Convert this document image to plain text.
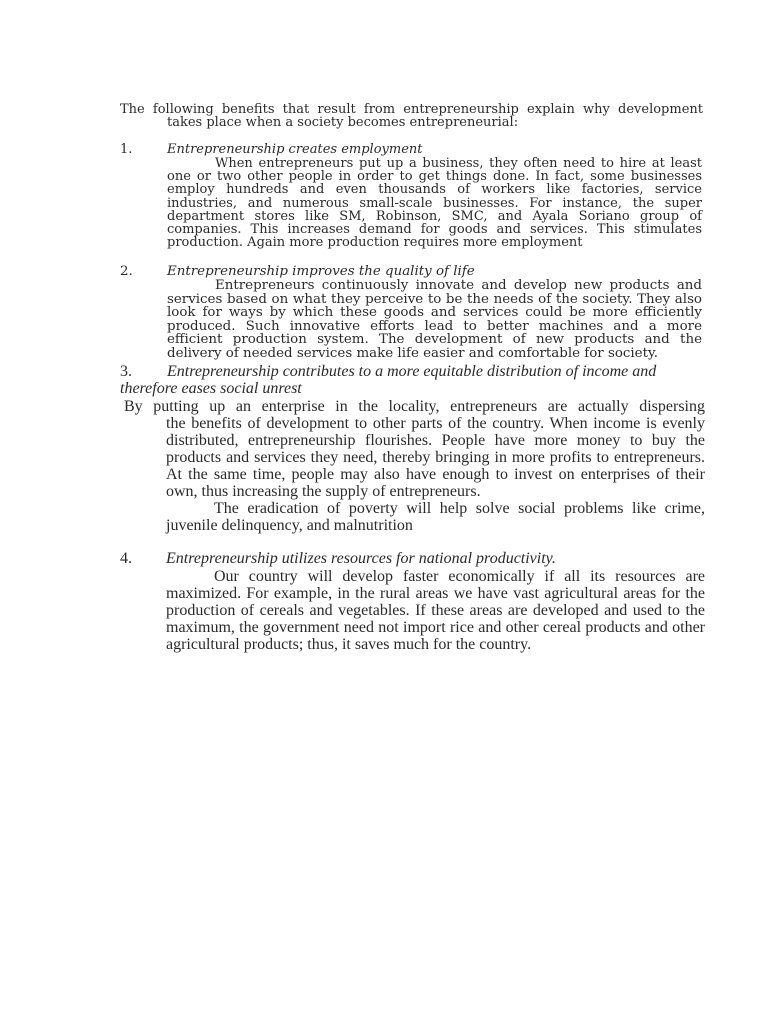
The following benefits that result from entrepreneurship explain why development
takes place when a society becomes entrepreneurial:
1.	Entrepreneurship creates employment

When entrepreneurs put up a business, they often need to hire at least one or two other people in order to get things done. In fact, some businesses employ hundreds and even thousands of workers like factories, service industries, and numerous small-scale businesses. For instance, the super department stores like SM, Robinson, SMC, and Ayala Soriano group of companies. This increases demand for goods and services. This stimulates production. Again more production requires more employment

2.	Entrepreneurship improves the quality of life

Entrepreneurs continuously innovate and develop new products and services based on what they perceive to be the needs of the society. They also look for ways by which these goods and services could be more efficiently produced. Such innovative efforts lead to better machines and a more efficient production system. The development of new products and the delivery of needed services make life easier and comfortable for society.

3. Entrepreneurship contributes to a more equitable distribution of income and
therefore eases social unrest
By putting up an enterprise in the locality, entrepreneurs are actually dispersing
the benefits of development to other parts of the country. When income is evenly distributed, entrepreneurship flourishes. People have more money to buy the products and services they need, thereby bringing in more profits to entrepreneurs. At the same time, people may also have enough to invest on enterprises of their own, thus increasing the supply of entrepreneurs.

The eradication of poverty will help solve social problems like crime, juvenile delinquency, and malnutrition

4. Entrepreneurship utilizes resources for national productivity.

Our country will develop faster economically if all its resources are maximized. For example, in the rural areas we have vast agricultural areas for the production of cereals and vegetables. If these areas are developed and used to the maximum, the government need not import rice and other cereal products and other agricultural products; thus, it saves much for the country.
